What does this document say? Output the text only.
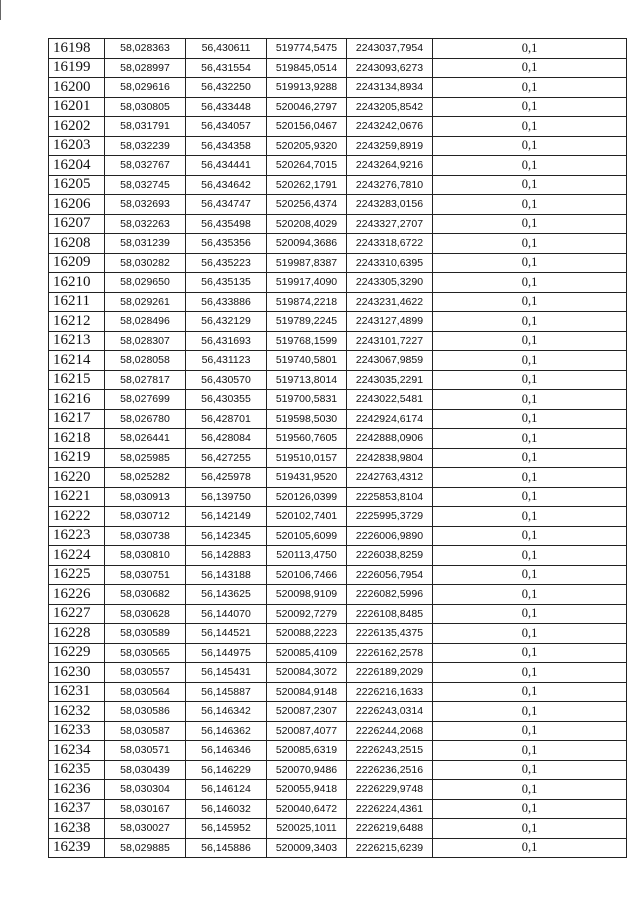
16198	58,028363	56,430611	519774,5475	2243037,7954	0,1
16199	58,028997	56,431554	519845,0514	2243093,6273	0,1
16200	58,029616	56,432250	519913,9288	2243134,8934	0,1
16201	58,030805	56,433448	520046,2797	2243205,8542	0,1
16202	58,031791	56,434057	520156,0467	2243242,0676	0,1
16203	58,032239	56,434358	520205,9320	2243259,8919	0,1
16204	58,032767	56,434441	520264,7015	2243264,9216	0,1
16205	58,032745	56,434642	520262,1791	2243276,7810	0,1
16206	58,032693	56,434747	520256,4374	2243283,0156	0,1
16207	58,032263	56,435498	520208,4029	2243327,2707	0,1
16208	58,031239	56,435356	520094,3686	2243318,6722	0,1
16209	58,030282	56,435223	519987,8387	2243310,6395	0,1
16210	58,029650	56,435135	519917,4090	2243305,3290	0,1
16211	58,029261	56,433886	519874,2218	2243231,4622	0,1
16212	58,028496	56,432129	519789,2245	2243127,4899	0,1
16213	58,028307	56,431693	519768,1599	2243101,7227	0,1
16214	58,028058	56,431123	519740,5801	2243067,9859	0,1
16215	58,027817	56,430570	519713,8014	2243035,2291	0,1
16216	58,027699	56,430355	519700,5831	2243022,5481	0,1
16217	58,026780	56,428701	519598,5030	2242924,6174	0,1
16218	58,026441	56,428084	519560,7605	2242888,0906	0,1
16219	58,025985	56,427255	519510,0157	2242838,9804	0,1
16220	58,025282	56,425978	519431,9520	2242763,4312	0,1
16221	58,030913	56,139750	520126,0399	2225853,8104	0,1
16222	58,030712	56,142149	520102,7401	2225995,3729	0,1
16223	58,030738	56,142345	520105,6099	2226006,9890	0,1
16224	58,030810	56,142883	520113,4750	2226038,8259	0,1
16225	58,030751	56,143188	520106,7466	2226056,7954	0,1
16226	58,030682	56,143625	520098,9109	2226082,5996	0,1
16227	58,030628	56,144070	520092,7279	2226108,8485	0,1
16228	58,030589	56,144521	520088,2223	2226135,4375	0,1
16229	58,030565	56,144975	520085,4109	2226162,2578	0,1
16230	58,030557	56,145431	520084,3072	2226189,2029	0,1
16231	58,030564	56,145887	520084,9148	2226216,1633	0,1
16232	58,030586	56,146342	520087,2307	2226243,0314	0,1
16233	58,030587	56,146362	520087,4077	2226244,2068	0,1
16234	58,030571	56,146346	520085,6319	2226243,2515	0,1
16235	58,030439	56,146229	520070,9486	2226236,2516	0,1
16236	58,030304	56,146124	520055,9418	2226229,9748	0,1
16237	58,030167	56,146032	520040,6472	2226224,4361	0,1
16238	58,030027	56,145952	520025,1011	2226219,6488	0,1
16239	58,029885	56,145886	520009,3403	2226215,6239	0,1
